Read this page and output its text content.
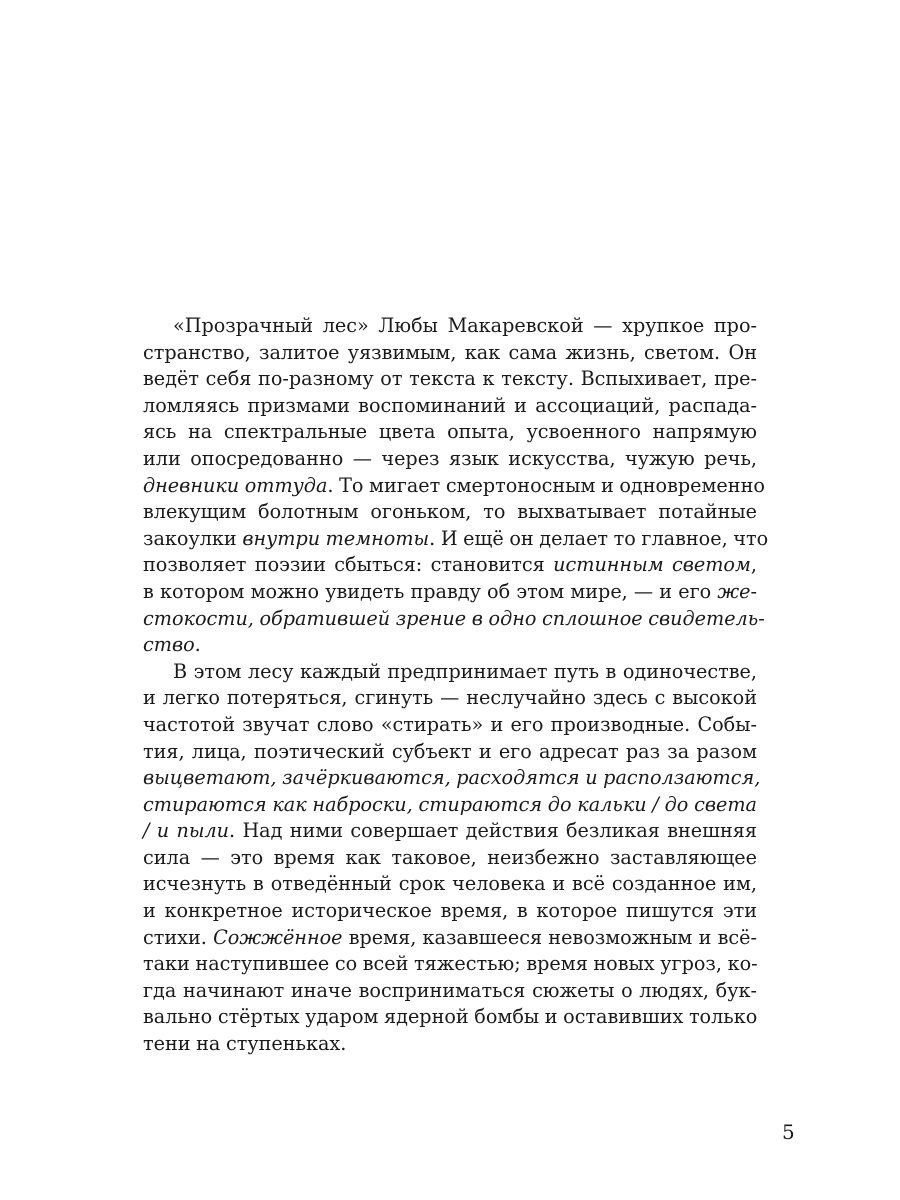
«Прозрачный лес» Любы Макаревской — хрупкое про-
странство, залитое уязвимым, как сама жизнь, светом. Он
ведёт себя по-разному от текста к тексту. Вспыхивает, пре-
ломляясь призмами воспоминаний и ассоциаций, распада-
ясь на спектральные цвета опыта, усвоенного напрямую
или опосредованно — через язык искусства, чужую речь,
дневники оттуда. То мигает смертоносным и одновременно
влекущим болотным огоньком, то выхватывает потайные
закоулки внутри темноты. И ещё он делает то главное, что
позволяет поэзии сбыться: становится истинным светом,
в котором можно увидеть правду об этом мире, — и его же-
стокости, обратившей зрение в одно сплошное свидетель-
ство.
В этом лесу каждый предпринимает путь в одиночестве,
и легко потеряться, сгинуть — неслучайно здесь с высокой
частотой звучат слово «стирать» и его производные. Собы-
тия, лица, поэтический субъект и его адресат раз за разом
выцветают, зачёркиваются, расходятся и расползаются,
стираются как наброски, стираются до кальки / до света
/ и пыли. Над ними совершает действия безликая внешняя
сила — это время как таковое, неизбежно заставляющее
исчезнуть в отведённый срок человека и всё созданное им,
и конкретное историческое время, в которое пишутся эти
стихи. Сожжённое время, казавшееся невозможным и всё-
таки наступившее со всей тяжестью; время новых угроз, ко-
гда начинают иначе восприниматься сюжеты о людях, бук-
вально стёртых ударом ядерной бомбы и оставивших только
тени на ступеньках.
5
